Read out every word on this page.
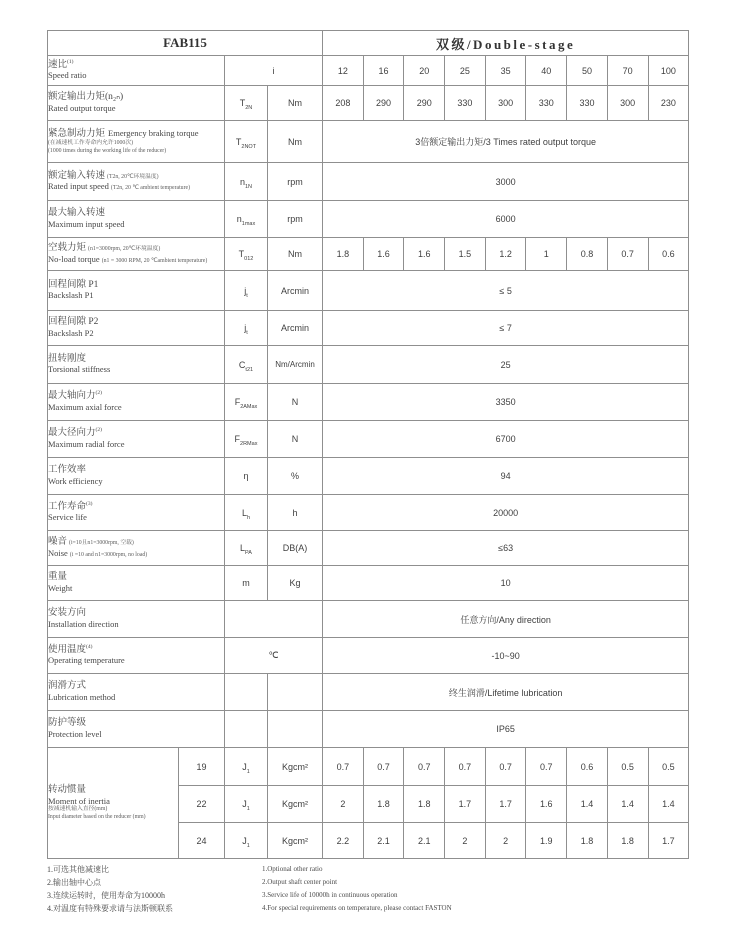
FAB115				双级/Double-stage								

速比$^{(1)}$
Speed ratio		i		12	16	20	25	35	40	50	70	100

额定输出力矩(n₂ₙ)
Rated output torque		$T_{2N}$	Nm	208	290	290	330	300	330	330	300	230

紧急制动力矩 Emergency braking torque
(在减速机工作寿命内允许1000次)
(1000 times during the working life of the reducer)		$T_{2NOT}$	Nm	3倍额定输出力矩/3 Times rated output torque								

额定输入转速 (T2n, 20℃环境温度)
Rated input speed (T2n, 20 ℃ ambient temperature)		$n_{1N}$	rpm	3000								

最大输入转速
Maximum input speed		$n_{1max}$	rpm	6000								

空载力矩 (n1=3000rpm, 20℃环境温度)
No-load torque (n1 = 3000 RPM, 20 ℃ambient temperature)		$T_{012}$	Nm	1.8	1.6	1.6	1.5	1.2	1	0.8	0.7	0.6

回程间隙 P1
Backslash P1		$j_t$	Arcmin	≤ 5								

回程间隙 P2
Backslash P2		$j_t$	Arcmin	≤ 7								

扭转刚度
Torsional stiffness		$C_{t21}$	Nm/Arcmin	25								

最大轴向力$^{(2)}$
Maximum axial force		$F_{2AMax}$	N	3350								

最大径向力$^{(2)}$
Maximum radial force		$F_{2RMax}$	N	6700								

工作效率
Work efficiency		η	%	94								

工作寿命$^{(3)}$
Service life		$L_h$	h	20000								

噪音 (i=10且n1=3000rpm, 空载)
Noise (i =10 and n1=3000rpm, no load)		$L_{PA}$	DB(A)	≤63								

重量
Weight		m	Kg	10								

安装方向
Installation direction				任意方向/Any direction								

使用温度$^{(4)}$
Operating temperature		℃		-10~90								

润滑方式
Lubrication method				终生润滑/Lifetime lubrication								

防护等级
Protection level				IP65								

转动惯量
Moment of inertia
按减速机输入直径(mm)
Input diameter based on the reducer (mm)	19	$J_1$	Kgcm²	0.7	0.7	0.7	0.7	0.7	0.7	0.6	0.5	0.5
	22	$J_1$	Kgcm²	2	1.8	1.8	1.7	1.7	1.6	1.4	1.4	1.4
	24	$J_1$	Kgcm²	2.2	2.1	2.1	2	2	1.9	1.8	1.8	1.7
1.可选其他减速比
2.输出轴中心点
3.连续运转时，使用寿命为10000h
4.对温度有特殊要求请与法斯顿联系

1.Optional other ratio
2.Output shaft center point
3.Service life of 10000h in continuous operation
4.For special requirements on temperature, please contact FASTON
